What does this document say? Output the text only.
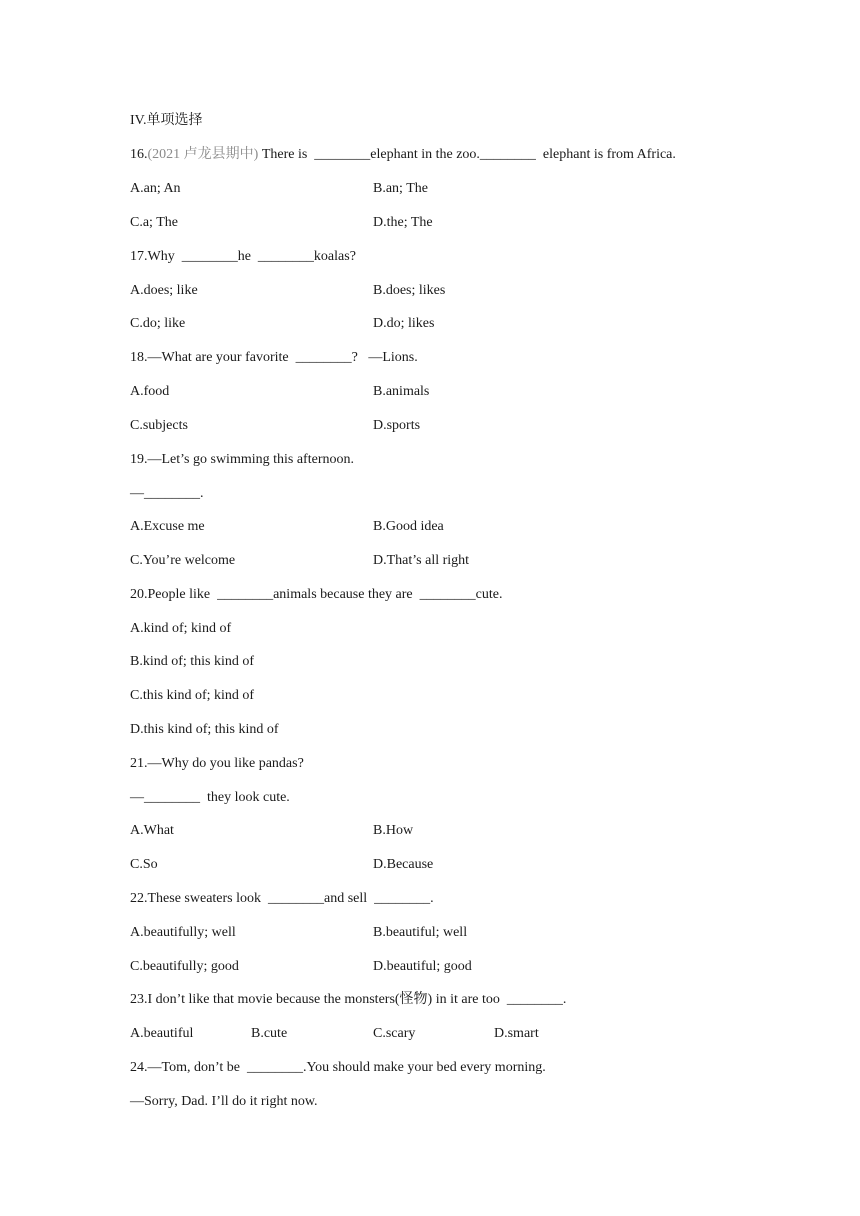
IV.单项选择
16.(2021 卢龙县期中) There is  ________elephant in the zoo.________  elephant is from Africa.
A.an; An	B.an; The
C.a; The	D.the; The
17.Why  ________he  ________koalas?
A.does; like	B.does; likes
C.do; like	D.do; likes
18.—What are your favorite  ________?   —Lions.
A.food	B.animals
C.subjects	D.sports
19.—Let’s go swimming this afternoon.
—________.
A.Excuse me	B.Good idea
C.You’re welcome	D.That’s all right
20.People like  ________animals because they are  ________cute.
A.kind of; kind of
B.kind of; this kind of
C.this kind of; kind of
D.this kind of; this kind of
21.—Why do you like pandas?
—________  they look cute.
A.What	B.How
C.So	D.Because
22.These sweaters look  ________and sell  ________.
A.beautifully; well	B.beautiful; well
C.beautifully; good	D.beautiful; good
23.I don’t like that movie because the monsters(怪物) in it are too  ________.
A.beautiful	B.cute	C.scary	D.smart
24.—Tom, don’t be  ________.You should make your bed every morning.
—Sorry, Dad. I’ll do it right now.
